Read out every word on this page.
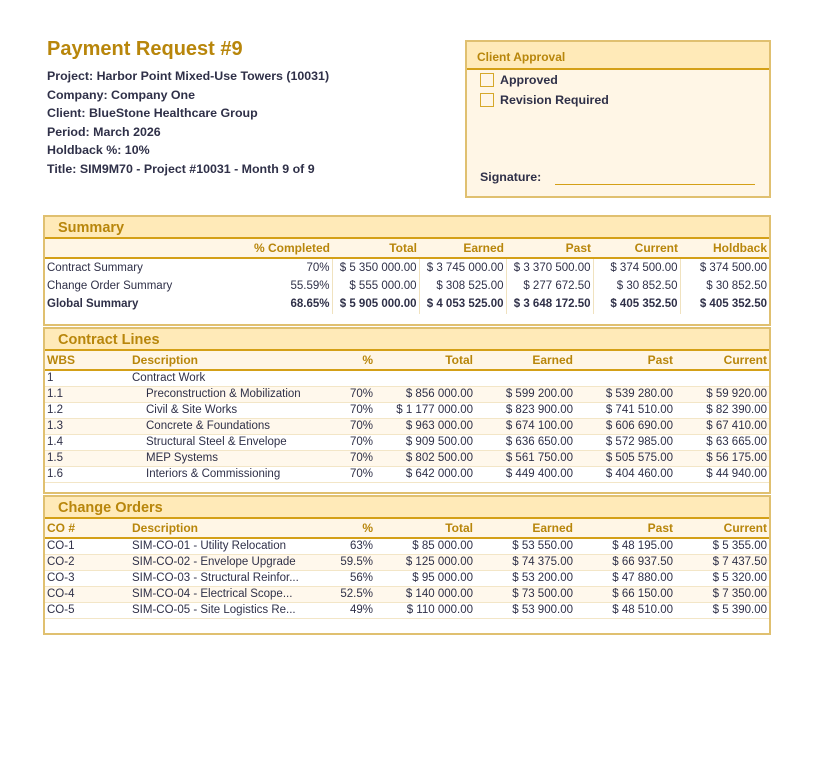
Payment Request #9
Project: Harbor Point Mixed-Use Towers (10031)
Company: Company One
Client: BlueStone Healthcare Group
Period: March 2026
Holdback %: 10%
Title: SIM9M70 - Project #10031 - Month 9 of 9
Client Approval
Approved
Revision Required
Signature:
Summary
	% Completed	Total	Earned	Past	Current	Holdback
Contract Summary	70%	$ 5 350 000.00	$ 3 745 000.00	$ 3 370 500.00	$ 374 500.00	$ 374 500.00
Change Order Summary	55.59%	$ 555 000.00	$ 308 525.00	$ 277 672.50	$ 30 852.50	$ 30 852.50
Global Summary	68.65%	$ 5 905 000.00	$ 4 053 525.00	$ 3 648 172.50	$ 405 352.50	$ 405 352.50
Contract Lines
WBS	Description	%	Total	Earned	Past	Current
1	Contract Work					
1.1	Preconstruction & Mobilization	70%	$ 856 000.00	$ 599 200.00	$ 539 280.00	$ 59 920.00
1.2	Civil & Site Works	70%	$ 1 177 000.00	$ 823 900.00	$ 741 510.00	$ 82 390.00
1.3	Concrete & Foundations	70%	$ 963 000.00	$ 674 100.00	$ 606 690.00	$ 67 410.00
1.4	Structural Steel & Envelope	70%	$ 909 500.00	$ 636 650.00	$ 572 985.00	$ 63 665.00
1.5	MEP Systems	70%	$ 802 500.00	$ 561 750.00	$ 505 575.00	$ 56 175.00
1.6	Interiors & Commissioning	70%	$ 642 000.00	$ 449 400.00	$ 404 460.00	$ 44 940.00
Change Orders
CO #	Description	%	Total	Earned	Past	Current
CO-1	SIM-CO-01 - Utility Relocation	63%	$ 85 000.00	$ 53 550.00	$ 48 195.00	$ 5 355.00
CO-2	SIM-CO-02 - Envelope Upgrade	59.5%	$ 125 000.00	$ 74 375.00	$ 66 937.50	$ 7 437.50
CO-3	SIM-CO-03 - Structural Reinfor...	56%	$ 95 000.00	$ 53 200.00	$ 47 880.00	$ 5 320.00
CO-4	SIM-CO-04 - Electrical Scope...	52.5%	$ 140 000.00	$ 73 500.00	$ 66 150.00	$ 7 350.00
CO-5	SIM-CO-05 - Site Logistics Re...	49%	$ 110 000.00	$ 53 900.00	$ 48 510.00	$ 5 390.00
